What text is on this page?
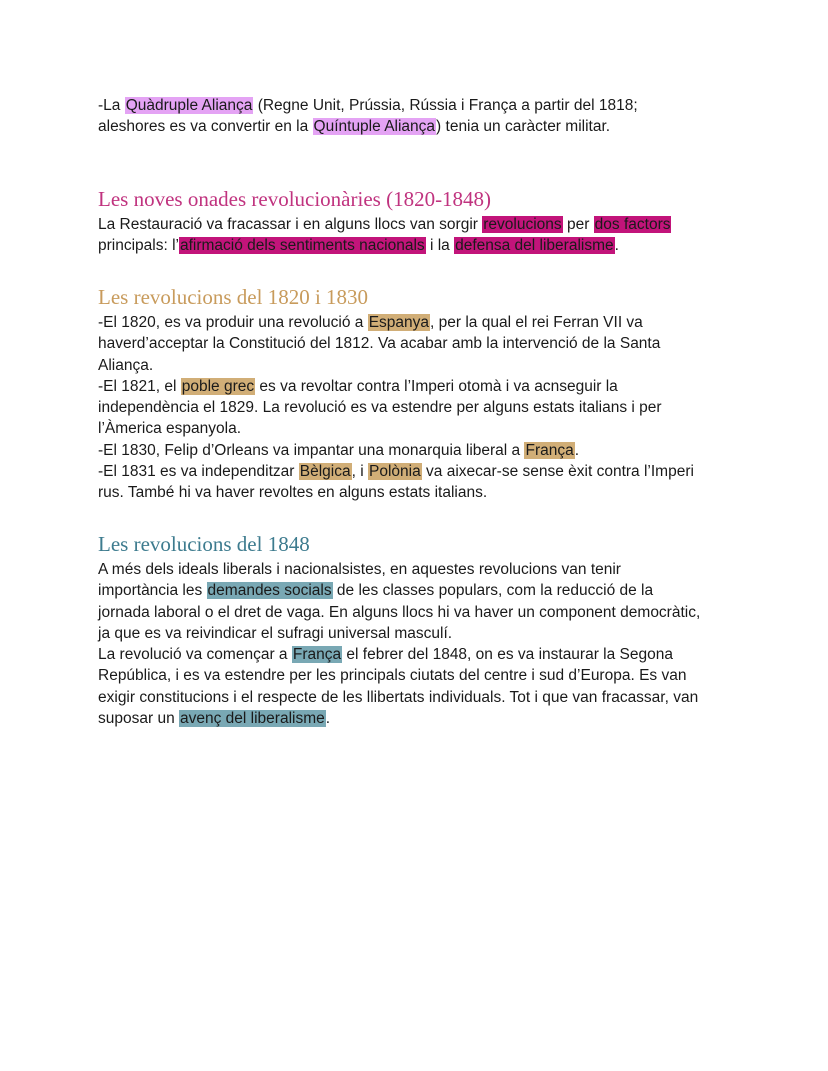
-La Quàdruple Aliança (Regne Unit, Prússia, Rússia i França a partir del 1818;

aleshores es va convertir en la Quíntuple Aliança) tenia un caràcter militar.

Les noves onades revolucionàries (1820-1848)

La Restauració va fracassar i en alguns llocs van sorgir revolucions per dos factors

principals: l’afirmació dels sentiments nacionals i la defensa del liberalisme.

Les revolucions del 1820 i 1830

-El 1820, es va produir una revolució a Espanya, per la qual el rei Ferran VII va

haverd’acceptar la Constitució del 1812. Va acabar amb la intervenció de la Santa

Aliança.

-El 1821, el poble grec es va revoltar contra l’Imperi otomà i va acnseguir la

independència el 1829. La revolució es va estendre per alguns estats italians i per

l’Àmerica espanyola.

-El 1830, Felip d’Orleans va impantar una monarquia liberal a França.

-El 1831 es va independitzar Bèlgica, i Polònia va aixecar-se sense èxit contra l’Imperi

rus. També hi va haver revoltes en alguns estats italians.

Les revolucions del 1848

A més dels ideals liberals i nacionalsistes, en aquestes revolucions van tenir

importància les demandes socials de les classes populars, com la reducció de la

jornada laboral o el dret de vaga. En alguns llocs hi va haver un component democràtic,

ja que es va reivindicar el sufragi universal masculí.

La revolució va començar a França el febrer del 1848, on es va instaurar la Segona

República, i es va estendre per les principals ciutats del centre i sud d’Europa. Es van

exigir constitucions i el respecte de les llibertats individuals. Tot i que van fracassar, van

suposar un avenç del liberalisme.
